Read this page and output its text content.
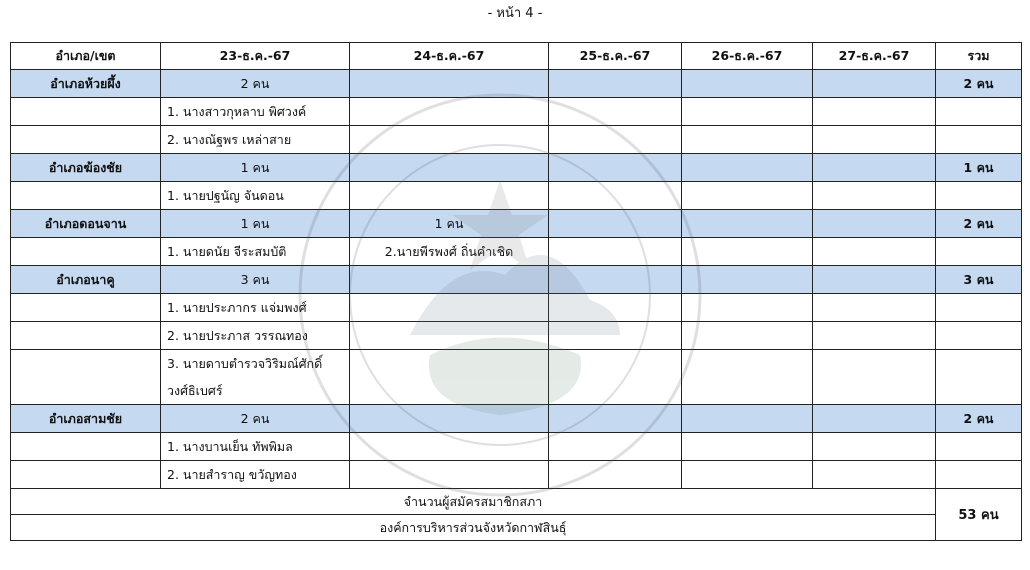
- หน้า 4 -
อำเภอ/เขต	23-ธ.ค.-67	24-ธ.ค.-67	25-ธ.ค.-67	26-ธ.ค.-67	27-ธ.ค.-67	รวม
อำเภอห้วยผึ้ง	2 คน					2 คน
	1. นางสาวกุหลาบ พิศวงค์					
	2. นางณัฐพร เหล่าสาย					
อำเภอฆ้องชัย	1 คน					1 คน
	1. นายปฐนัญ จันดอน					
อำเภอดอนจาน	1 คน	1 คน				2 คน
	1. นายดนัย จีระสมบัติ	2.นายพีรพงศ์ ถิ่นคำเชิด				
อำเภอนาคู	3 คน					3 คน
	1. นายประภากร แจ่มพงศ์					
	2. นายประภาส วรรณทอง					
	3. นายดาบตำรวจวิริมณ์ศักดิ์ วงศ์ธิเบศร์					
อำเภอสามชัย	2 คน					2 คน
	1. นางบานเย็น ทัพพิมล					
	2. นายสำราญ ขวัญทอง					
จำนวนผู้สมัครสมาชิกสภา						53 คน
องค์การบริหารส่วนจังหวัดกาฬสินธุ์						
